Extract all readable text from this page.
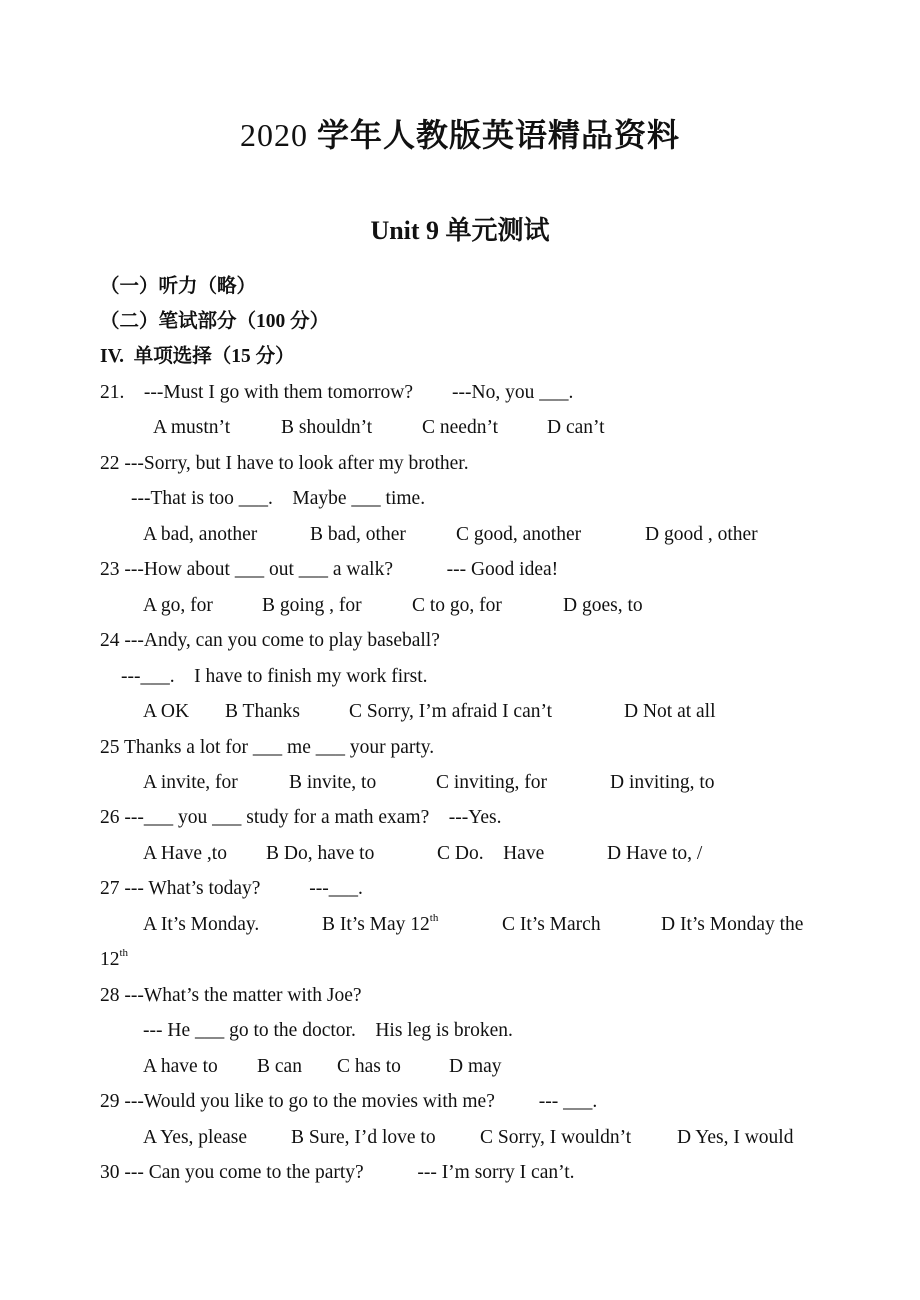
2020 学年人教版英语精品资料
Unit 9 单元测试
（一）听力（略）
（二）笔试部分（100 分）
IV.  单项选择（15 分）
21.    ---Must I go with them tomorrow?        ---No, you ___.
A mustn’t	B shouldn’t	C needn’t	D can’t
22 ---Sorry, but I have to look after my brother.
---That is too ___.    Maybe ___ time.
A bad, another	B bad, other	C good, another	D good , other
23 ---How about ___ out ___ a walk?           --- Good idea!
A go, for	B going , for	C to go, for	D goes, to
24 ---Andy, can you come to play baseball?
---___.    I have to finish my work first.
A OK B Thanks	C Sorry, I’m afraid I can’t	D Not at all
25 Thanks a lot for ___ me ___ your party.
A invite, for	B invite, to	C inviting, for	D inviting, to
26 ---___ you ___ study for a math exam?    ---Yes.
A Have ,to B Do, have to	C Do.    Have	D Have to, /
27 --- What’s today?          ---___.
A It’s Monday.	B It’s May 12th	C It’s March	D It’s Monday the
12th
28 ---What’s the matter with Joe?
--- He ___ go to the doctor.    His leg is broken.
A have to B can C has to D may
29 ---Would you like to go to the movies with me?         --- ___.
A Yes, please B Sure, I’d love to C Sorry, I wouldn’t D Yes, I would
30 --- Can you come to the party?           --- I’m sorry I can’t.
